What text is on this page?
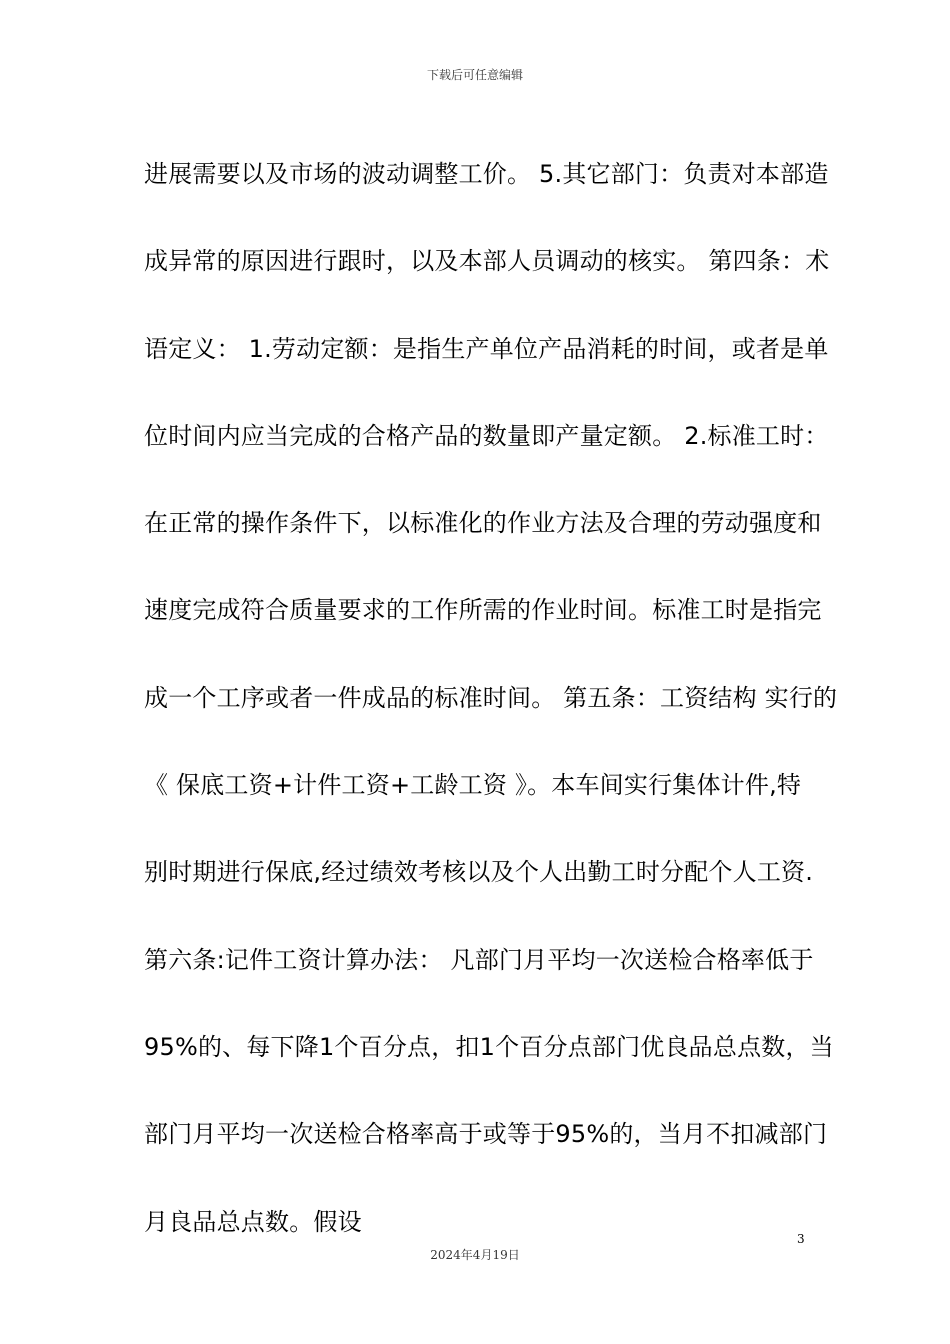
下载后可任意编辑
进展需要以及市场的波动调整工价。 5.其它部门：负责对本部造
成异常的原因进行跟时，以及本部人员调动的核实。 第四条：术
语定义： 1.劳动定额：是指生产单位产品消耗的时间，或者是单
位时间内应当完成的合格产品的数量即产量定额。 2.标准工时：
在正常的操作条件下，以标准化的作业方法及合理的劳动强度和
速度完成符合质量要求的工作所需的作业时间。标准工时是指完
成一个工序或者一件成品的标准时间。 第五条：工资结构 实行的
《 保底工资+计件工资+工龄工资 》。本车间实行集体计件,特
别时期进行保底,经过绩效考核以及个人出勤工时分配个人工资.
第六条:记件工资计算办法： 凡部门月平均一次送检合格率低于
95%的、每下降1个百分点，扣1个百分点部门优良品总点数，当
部门月平均一次送检合格率高于或等于95%的，当月不扣减部门
月良品总点数。假设
3
2024年4月19日
